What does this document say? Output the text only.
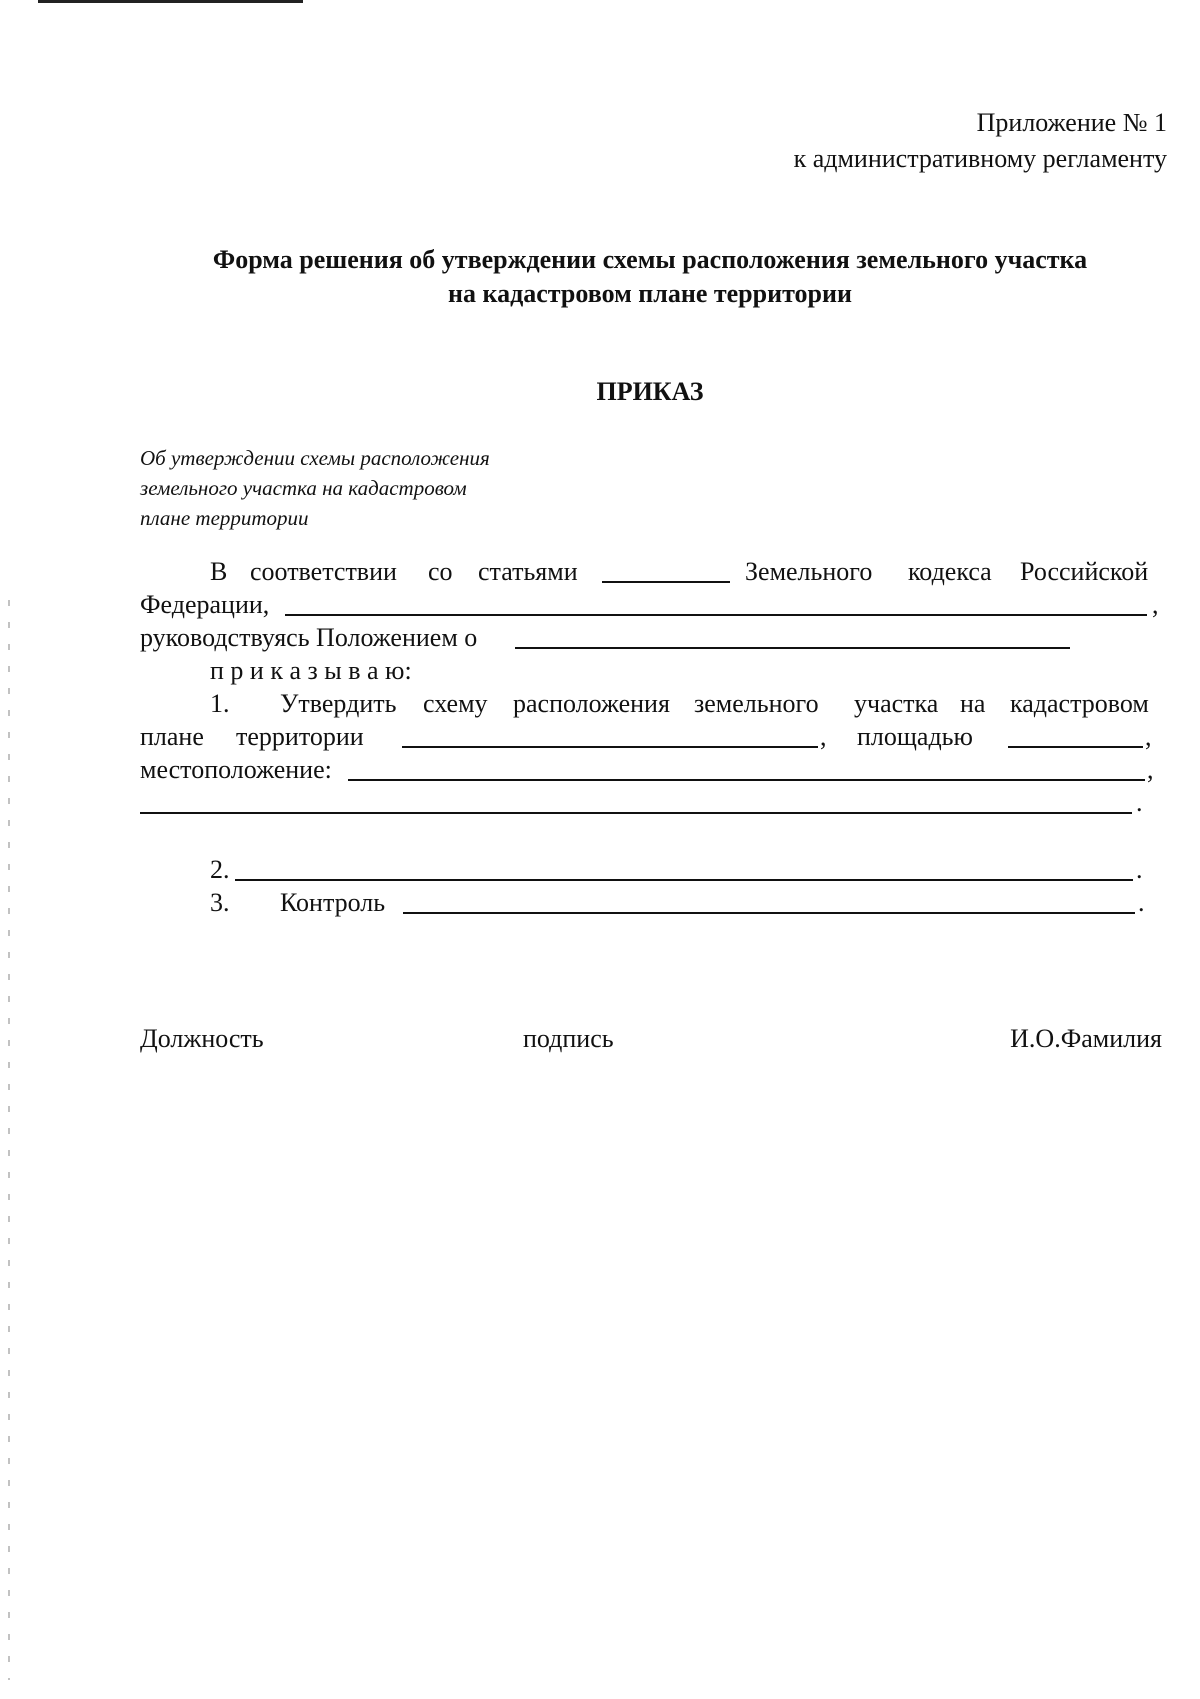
Приложение № 1
к административному регламенту
Форма решения об утверждении схемы расположения земельного участка
на кадастровом плане территории
ПРИКАЗ
Об утверждении схемы расположения
земельного участка на кадастровом
плане территории
В соответствии со статьями	Земельного кодекса Российской
Федерации,	,
руководствуясь Положением о
п р и к а з ы в а ю:
1. Утвердить схему расположения земельного участка на кадастровом
плане территории	, площадью	,
местоположение:	,
.
2.	.
3. Контроль	.
Должность	подпись	И.О.Фамилия
